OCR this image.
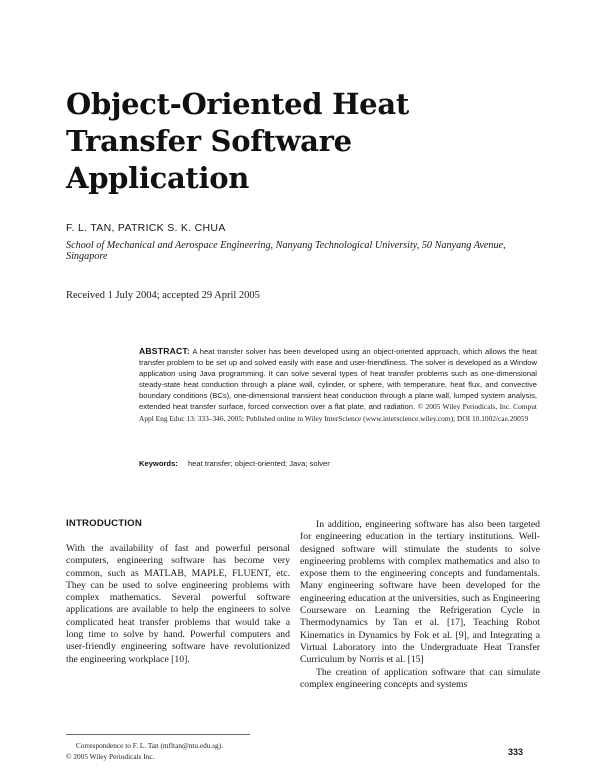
Object-Oriented Heat
Transfer Software
Application
F. L. TAN, PATRICK S. K. CHUA
School of Mechanical and Aerospace Engineering, Nanyang Technological University, 50 Nanyang Avenue, Singapore
Received 1 July 2004; accepted 29 April 2005
ABSTRACT: A heat transfer solver has been developed using an object-oriented approach, which allows the heat transfer problem to be set up and solved easily with ease and user-friendliness. The solver is developed as a Window application using Java programming. It can solve several types of heat transfer problems such as one-dimensional steady-state heat conduction through a plane wall, cylinder, or sphere, with temperature, heat flux, and convective boundary conditions (BCs), one-dimensional transient heat conduction through a plane wall, lumped system analysis, extended heat transfer surface, forced convection over a flat plate, and radiation. © 2005 Wiley Periodicals, Inc. Comput Appl Eng Educ 13: 333–346, 2005; Published online in Wiley InterScience (www.interscience.wiley.com); DOI 10.1002/cae.20059
Keywords: heat transfer; object-oriented; Java; solver
INTRODUCTION

With the availability of fast and powerful personal computers, engineering software has become very common, such as MATLAB, MAPLE, FLUENT, etc. They can be used to solve engineering problems with complex mathematics. Several powerful software applications are available to help the engineers to solve complicated heat transfer problems that would take a long time to solve by hand. Powerful computers and user-friendly engineering software have revolutionized the engineering workplace [10].

In addition, engineering software has also been targeted for engineering education in the tertiary institutions. Well-designed software will stimulate the students to solve engineering problems with complex mathematics and also to expose them to the engineering concepts and fundamentals. Many engineering software have been developed for the engineering education at the universities, such as Engineering Courseware on Learning the Refrigeration Cycle in Thermodynamics by Tan et al. [17], Teaching Robot Kinematics in Dynamics by Fok et al. [9], and Integrating a Virtual Laboratory into the Undergraduate Heat Transfer Curriculum by Norris et al. [15]

The creation of application software that can simulate complex engineering concepts and systems

Correspondence to F. L. Tan (mfltan@ntu.edu.sg).
© 2005 Wiley Periodicals Inc.	333
